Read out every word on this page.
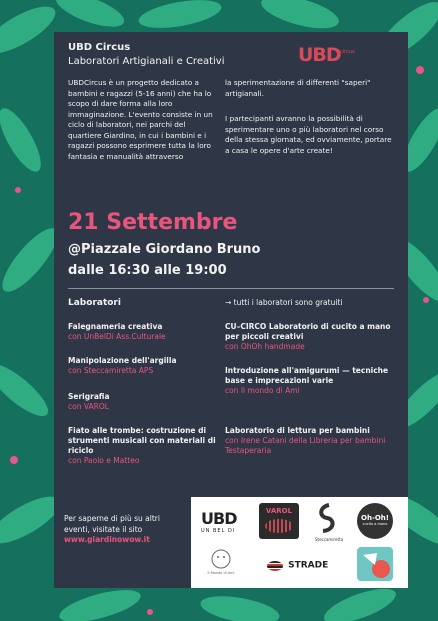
UBD Circus
Laboratori Artigianali e Creativi	UBD circus
UBDCircus è un progetto dedicato a bambini e ragazzi (5-16 anni) che ha lo scopo di dare forma alla loro immaginazione. L'evento consiste in un ciclo di laboratori, nei parchi del quartiere Giardino, in cui i bambini e i ragazzi possono esprimere tutta la loro fantasia e manualità attraverso
la sperimentazione di differenti "saperi" artigianali.
I partecipanti avranno la possibilità di sperimentare uno o più laboratori nel corso della stessa giornata, ed ovviamente, portare a casa le opere d'arte create!
21 Settembre
@Piazzale Giordano Bruno
dalle 16:30 alle 19:00
Laboratori	→ tutti i laboratori sono gratuiti
Falegnameria creativa
con UnBelDi Ass.Culturale
Manipolazione dell'argilla
con Steccamiretta APS
Serigrafia
con VAROL
Fiato alle trombe: costruzione di strumenti musicali con materiali di riciclo
con Paolo e Matteo
CU–CIRCO Laboratorio di cucito a mano per piccoli creativi
con OhOh handmade
Introduzione all'amigurumi — tecniche base e imprecazioni varie
con Il mondo di Ami
Laboratorio di lettura per bambini
con Irene Catani della Libreria per bambini Testaperaria
Per saperne di più su altri eventi, visitate il sito
www.giardinowow.it
UBD
UN BEL DI
VAROL
Steccamiretta
Oh-Oh!
cucito a mano
Il Mondo di Ami
STRADE
